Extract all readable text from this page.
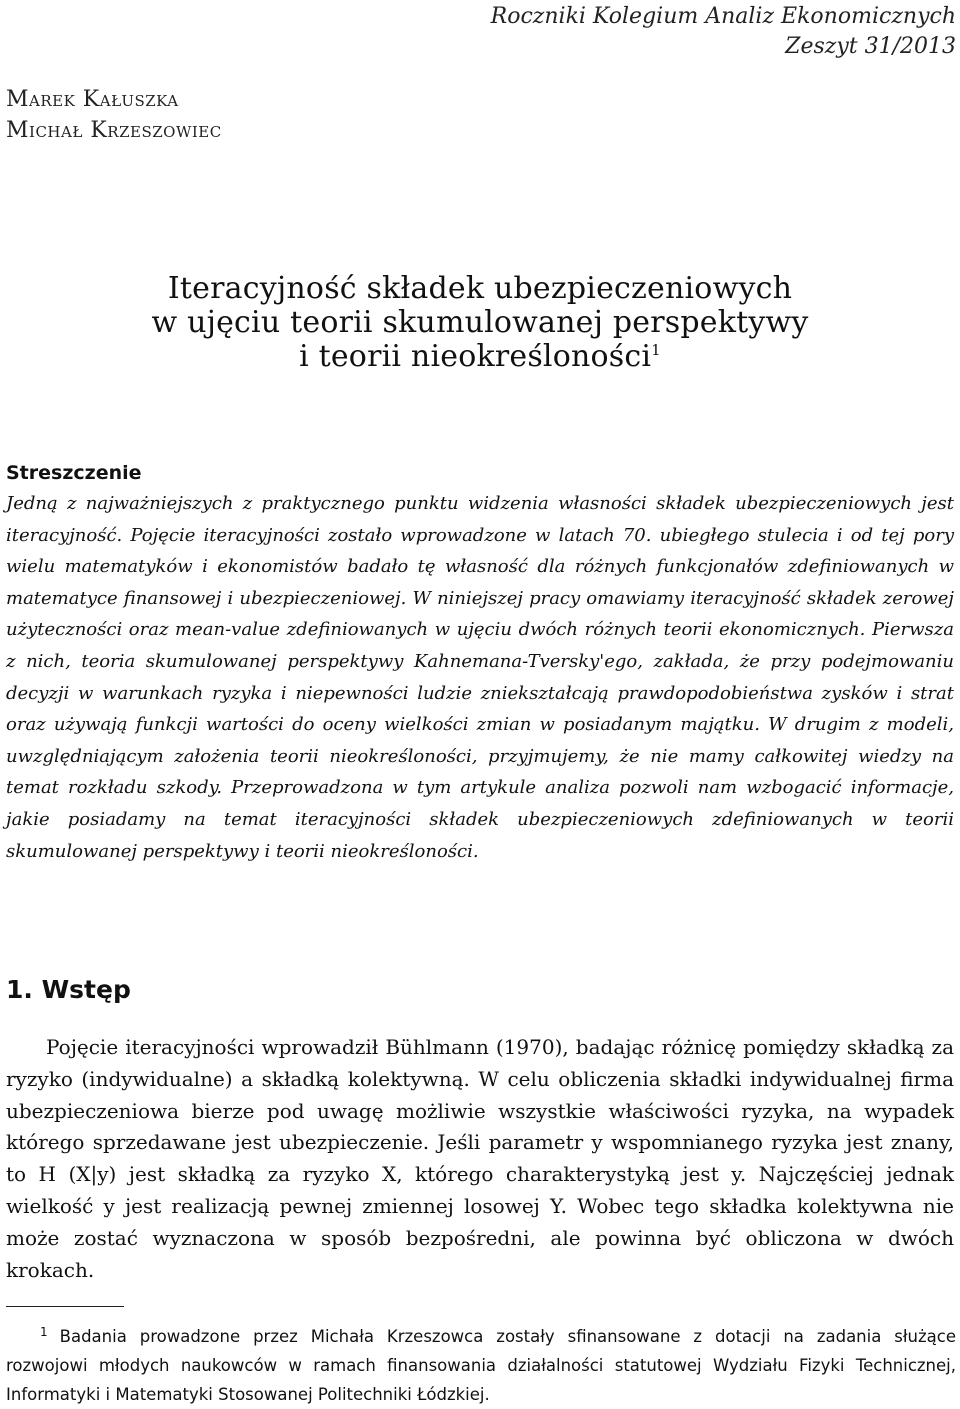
Roczniki Kolegium Analiz Ekonomicznych
Zeszyt 31/2013
Marek Kałuszka
Michał Krzeszowiec
Iteracyjność składek ubezpieczeniowych
w ujęciu teorii skumulowanej perspektywy
i teorii nieokreśloności$^1$

Streszczenie

Jedną z najważniejszych z praktycznego punktu widzenia własności składek ubezpieczeniowych jest iteracyjność. Pojęcie iteracyjności zostało wprowadzone w latach 70. ubiegłego stulecia i od tej pory wielu matematyków i ekonomistów badało tę własność dla różnych funkcjonałów zdefiniowanych w matematyce finansowej i ubezpieczeniowej. W niniejszej pracy omawiamy iteracyjność składek zerowej użyteczności oraz mean-value zdefiniowanych w ujęciu dwóch różnych teorii ekonomicznych. Pierwsza z nich, teoria skumulowanej perspektywy Kahnemana-Tversky'ego, zakłada, że przy podejmowaniu decyzji w warunkach ryzyka i niepewności ludzie zniekształcają prawdopodobieństwa zysków i strat oraz używają funkcji wartości do oceny wielkości zmian w posiadanym majątku. W drugim z modeli, uwzględniającym założenia teorii nieokreśloności, przyjmujemy, że nie mamy całkowitej wiedzy na temat rozkładu szkody. Przeprowadzona w tym artykule analiza pozwoli nam wzbogacić informacje, jakie posiadamy na temat iteracyjności składek ubezpieczeniowych zdefiniowanych w teorii skumulowanej perspektywy i teorii nieokreśloności.

1. Wstęp

Pojęcie iteracyjności wprowadził Bühlmann (1970), badając różnicę pomiędzy składką za ryzyko (indywidualne) a składką kolektywną. W celu obliczenia składki indywidualnej firma ubezpieczeniowa bierze pod uwagę możliwie wszystkie właściwości ryzyka, na wypadek którego sprzedawane jest ubezpieczenie. Jeśli parametr y wspomnianego ryzyka jest znany, to H (X|y) jest składką za ryzyko X, którego charakterystyką jest y. Najczęściej jednak wielkość y jest realizacją pewnej zmiennej losowej Y. Wobec tego składka kolektywna nie może zostać wyznaczona w sposób bezpośredni, ale powinna być obliczona w dwóch krokach.

$^1$ Badania prowadzone przez Michała Krzeszowca zostały sfinansowane z dotacji na zadania służące rozwojowi młodych naukowców w ramach finansowania działalności statutowej Wydziału Fizyki Technicznej, Informatyki i Matematyki Stosowanej Politechniki Łódzkiej.
